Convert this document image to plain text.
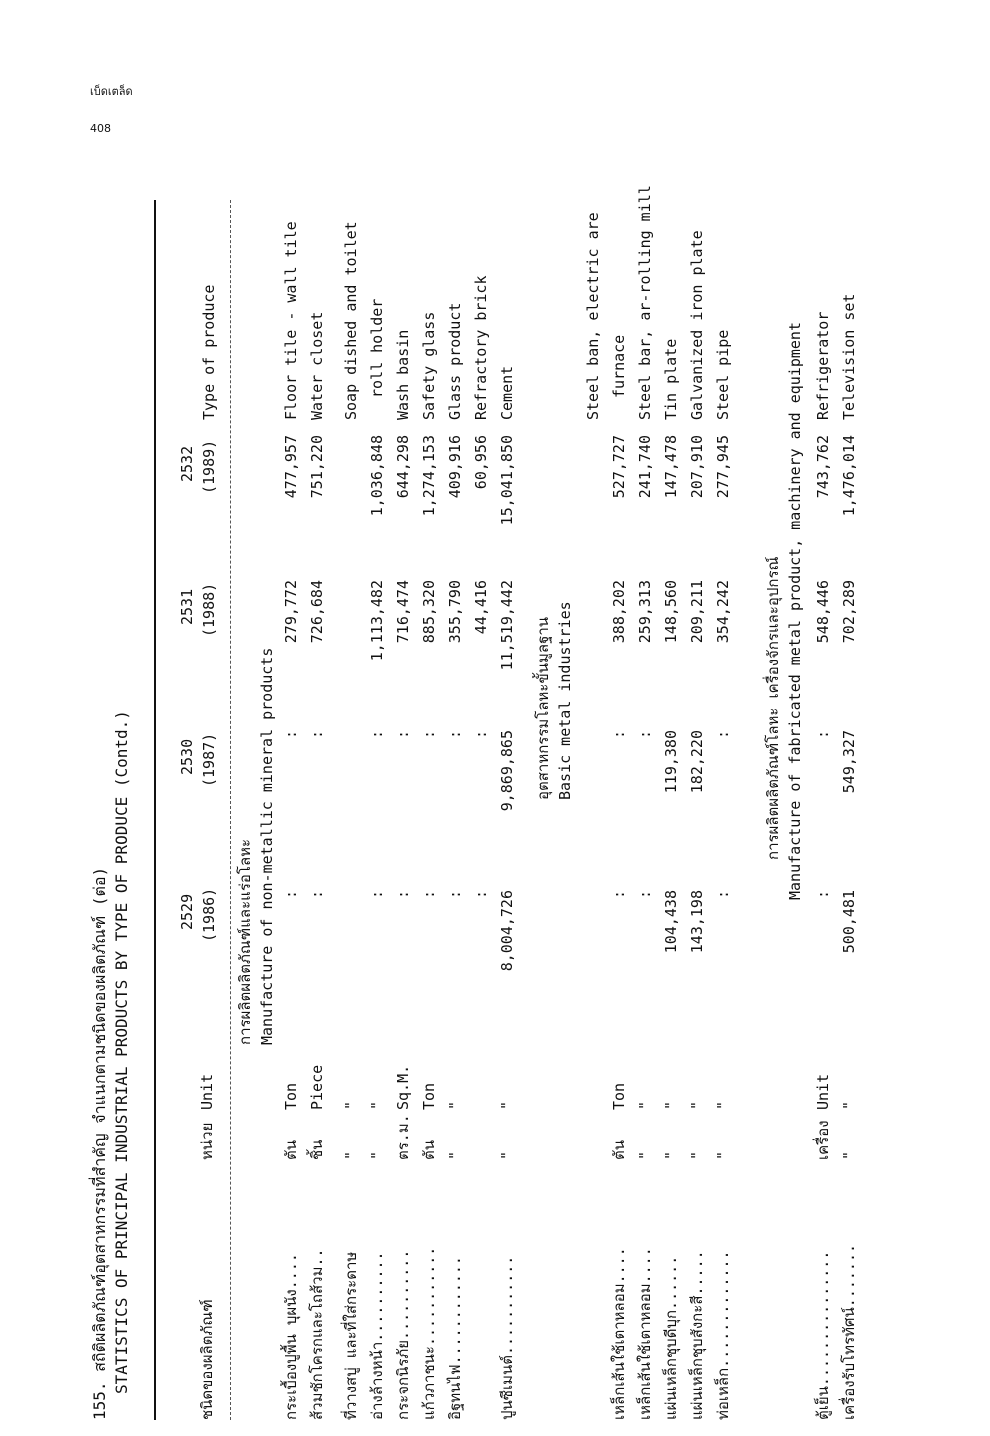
เบ็ดเตล็ด
408
155. สถิติผลิตภัณฑ์อุตสาหกรรมที่สำคัญ จำแนกตามชนิดของผลิตภัณฑ์ (ต่อ) STATISTICS OF PRINCIPAL INDUSTRIAL PRODUCTS BY TYPE OF PRODUCE (Contd.)	ชนิดของผลิตภัณฑ์
หน่วย
Unit
2529 (1986)
2530 (1987)
2531 (1988)
2532 (1989)
Type of produce
การผลิตผลิตภัณฑ์และแร่อโลหะ Manufacture of non-metallic mineral products
กระเบื้องปูพื้น บุผนัง....
ตัน
Ton
:
:
279,772
477,957
Floor tile - wall tile
ส้วมชักโครกและโถส้วม..
ชิ้น
Piece
:
:
726,684
751,220
Water closet
ที่วางสบู่ และที่ใส่กระดาษ
"
"
Soap dished and toilet
อ่างล้างหน้า..........
"
"
:
:
1,113,482
1,036,848
roll holder
กระจกนิรภัย..........
ตร.ม.
Sq.M.
:
:
716,474
644,298
Wash basin
แก้วภาชนะ...........
ตัน
Ton
:
:
885,320
1,274,153
Safety glass
อิฐทนไฟ............
"
"
:
:
355,790
409,916
Glass product
:
:
44,416
60,956
Refractory brick
ปูนซีเมนต์...........
"
"
8,004,726
9,869,865
11,519,442
15,041,850
Cement
อุตสาหกรรมโลหะขั้นมูลฐาน Basic metal industries
Steel ban, electric are
เหล็กเส้นใช้เตาหลอม....
ตัน
Ton
:
:
388,202
527,727
furnace
เหล็กเส้นใช้เตาหลอม....
"
"
:
:
259,313
241,740
Steel bar, ar-rolling mill
แผ่นเหล็กชุบดีบุก......
"
"
104,438
119,380
148,560
147,478
Tin plate
แผ่นเหล็กชุบสังกะสี.....
"
"
143,198
182,220
209,211
207,910
Galvanized iron plate
ท่อเหล็ก.............
"
"
:
:
354,242
277,945
Steel pipe
การผลิตผลิตภัณฑ์โลหะ เครื่องจักรและอุปกรณ์ Manufacture of fabricated metal product, machinery and equipment
ตู้เย็น...............
เครื่อง
Unit
:
:
548,446
743,762
Refrigerator
เครื่องรับโทรทัศน์.......
"
"
500,481
549,327
702,289
1,476,014
Television set
